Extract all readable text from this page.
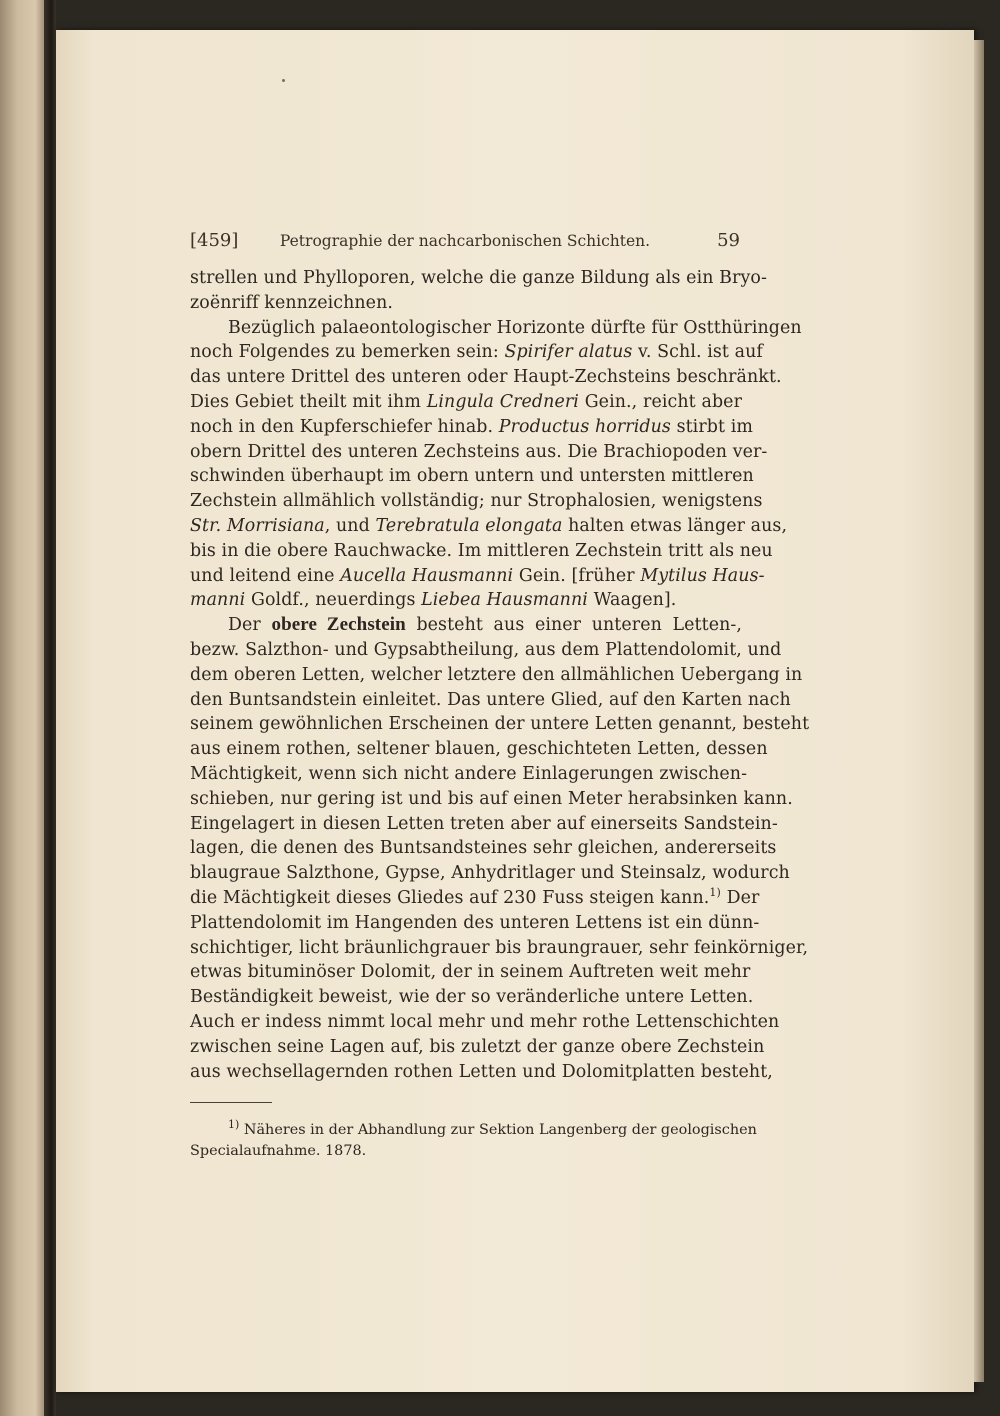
[459]	Petrographie der nachcarbonischen Schichten.	59
strellen und Phylloporen, welche die ganze Bildung als ein Bryo-
zoënriff kennzeichnen.
Bezüglich palaeontologischer Horizonte dürfte für Ostthüringen
noch Folgendes zu bemerken sein: Spirifer alatus v. Schl. ist auf
das untere Drittel des unteren oder Haupt-Zechsteins beschränkt.
Dies Gebiet theilt mit ihm Lingula Credneri Gein., reicht aber
noch in den Kupferschiefer hinab. Productus horridus stirbt im
obern Drittel des unteren Zechsteins aus. Die Brachiopoden ver-
schwinden überhaupt im obern untern und untersten mittleren
Zechstein allmählich vollständig; nur Strophalosien, wenigstens
Str. Morrisiana, und Terebratula elongata halten etwas länger aus,
bis in die obere Rauchwacke. Im mittleren Zechstein tritt als neu
und leitend eine Aucella Hausmanni Gein. [früher Mytilus Haus-
manni Goldf., neuerdings Liebea Hausmanni Waagen].
Der obere Zechstein besteht aus einer unteren Letten-,
bezw. Salzthon- und Gypsabtheilung, aus dem Plattendolomit, und
dem oberen Letten, welcher letztere den allmählichen Uebergang in
den Buntsandstein einleitet. Das untere Glied, auf den Karten nach
seinem gewöhnlichen Erscheinen der untere Letten genannt, besteht
aus einem rothen, seltener blauen, geschichteten Letten, dessen
Mächtigkeit, wenn sich nicht andere Einlagerungen zwischen-
schieben, nur gering ist und bis auf einen Meter herabsinken kann.
Eingelagert in diesen Letten treten aber auf einerseits Sandstein-
lagen, die denen des Buntsandsteines sehr gleichen, andererseits
blaugraue Salzthone, Gypse, Anhydritlager und Steinsalz, wodurch
die Mächtigkeit dieses Gliedes auf 230 Fuss steigen kann.$^{1)}$ Der
Plattendolomit im Hangenden des unteren Lettens ist ein dünn-
schichtiger, licht bräunlichgrauer bis braungrauer, sehr feinkörniger,
etwas bituminöser Dolomit, der in seinem Auftreten weit mehr
Beständigkeit beweist, wie der so veränderliche untere Letten.
Auch er indess nimmt local mehr und mehr rothe Lettenschichten
zwischen seine Lagen auf, bis zuletzt der ganze obere Zechstein
aus wechsellagernden rothen Letten und Dolomitplatten besteht,
$^{1)}$ Näheres in der Abhandlung zur Sektion Langenberg der geologischen
Specialaufnahme. 1878.
